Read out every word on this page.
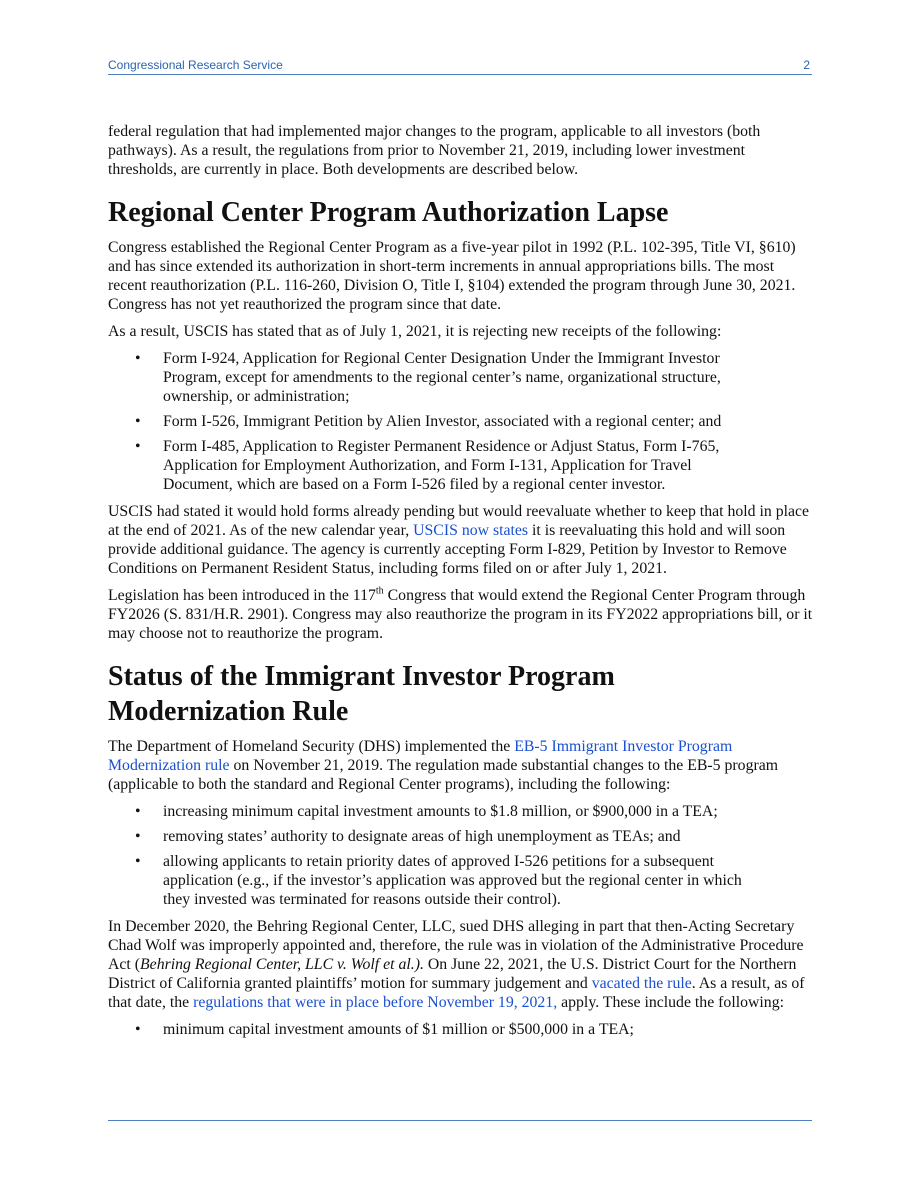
Congressional Research Service	2

federal regulation that had implemented major changes to the program, applicable to all investors (both pathways). As a result, the regulations from prior to November 21, 2019, including lower investment thresholds, are currently in place. Both developments are described below.

Regional Center Program Authorization Lapse

Congress established the Regional Center Program as a five-year pilot in 1992 (P.L. 102-395, Title VI, §610) and has since extended its authorization in short-term increments in annual appropriations bills. The most recent reauthorization (P.L. 116-260, Division O, Title I, §104) extended the program through June 30, 2021. Congress has not yet reauthorized the program since that date.

As a result, USCIS has stated that as of July 1, 2021, it is rejecting new receipts of the following:

• Form I-924, Application for Regional Center Designation Under the Immigrant Investor Program, except for amendments to the regional center’s name, organizational structure, ownership, or administration;
• Form I-526, Immigrant Petition by Alien Investor, associated with a regional center; and
• Form I-485, Application to Register Permanent Residence or Adjust Status, Form I-765, Application for Employment Authorization, and Form I-131, Application for Travel Document, which are based on a Form I-526 filed by a regional center investor.

USCIS had stated it would hold forms already pending but would reevaluate whether to keep that hold in place at the end of 2021. As of the new calendar year, USCIS now states it is reevaluating this hold and will soon provide additional guidance. The agency is currently accepting Form I-829, Petition by Investor to Remove Conditions on Permanent Resident Status, including forms filed on or after July 1, 2021.

Legislation has been introduced in the 117th Congress that would extend the Regional Center Program through FY2026 (S. 831/H.R. 2901). Congress may also reauthorize the program in its FY2022 appropriations bill, or it may choose not to reauthorize the program.

Status of the Immigrant Investor Program
Modernization Rule

The Department of Homeland Security (DHS) implemented the EB-5 Immigrant Investor Program Modernization rule on November 21, 2019. The regulation made substantial changes to the EB-5 program (applicable to both the standard and Regional Center programs), including the following:

• increasing minimum capital investment amounts to $1.8 million, or $900,000 in a TEA;
• removing states’ authority to designate areas of high unemployment as TEAs; and
• allowing applicants to retain priority dates of approved I-526 petitions for a subsequent application (e.g., if the investor’s application was approved but the regional center in which they invested was terminated for reasons outside their control).

In December 2020, the Behring Regional Center, LLC, sued DHS alleging in part that then-Acting Secretary Chad Wolf was improperly appointed and, therefore, the rule was in violation of the Administrative Procedure Act (Behring Regional Center, LLC v. Wolf et al.). On June 22, 2021, the U.S. District Court for the Northern District of California granted plaintiffs’ motion for summary judgement and vacated the rule. As a result, as of that date, the regulations that were in place before November 19, 2021, apply. These include the following:

• minimum capital investment amounts of $1 million or $500,000 in a TEA;
